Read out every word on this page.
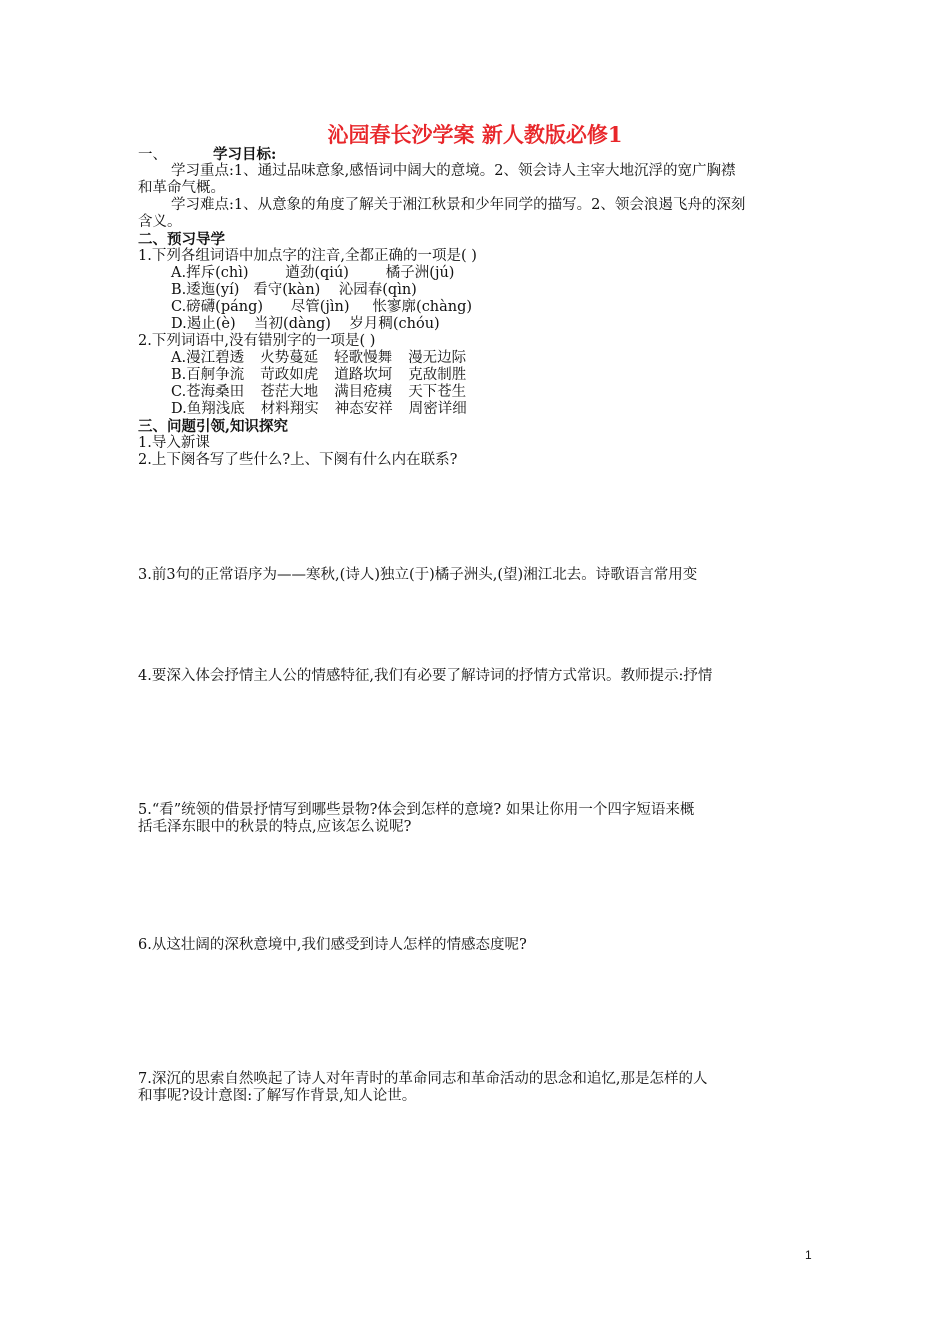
沁园春长沙学案 新人教版必修1
一、	学习目标:
学习重点:1、通过品味意象,感悟词中阔大的意境。2、领会诗人主宰大地沉浮的宽广胸襟
和革命气概。
学习难点:1、从意象的角度了解关于湘江秋景和少年同学的描写。2、领会浪遏飞舟的深刻
含义。
二、预习导学
1.下列各组词语中加点字的注音,全都正确的一项是( )
A.挥斥(chì)        遒劲(qiú)        橘子洲(jú)
B.逶迤(yí)   看守(kàn)    沁园春(qìn)
C.磅礴(páng)      尽管(jìn)     怅寥廓(chàng)
D.遏止(è)    当初(dàng)    岁月稠(chóu)
2.下列词语中,没有错别字的一项是( )
A.漫江碧透 火势蔓延 轻歌慢舞 漫无边际
B.百舸争流 苛政如虎 道路坎坷 克敌制胜
C.苍海桑田 苍茫大地 满目疮痍 天下苍生
D.鱼翔浅底 材料翔实 神态安祥 周密详细
三、问题引领,知识探究
1.导入新课
2.上下阕各写了些什么?上、下阕有什么内在联系?
3.前3句的正常语序为——寒秋,(诗人)独立(于)橘子洲头,(望)湘江北去。诗歌语言常用变
4.要深入体会抒情主人公的情感特征,我们有必要了解诗词的抒情方式常识。教师提示:抒情
5.“看”统领的借景抒情写到哪些景物?体会到怎样的意境? 如果让你用一个四字短语来概
括毛泽东眼中的秋景的特点,应该怎么说呢?
6.从这壮阔的深秋意境中,我们感受到诗人怎样的情感态度呢?
7.深沉的思索自然唤起了诗人对年青时的革命同志和革命活动的思念和追忆,那是怎样的人
和事呢?设计意图:了解写作背景,知人论世。
1
